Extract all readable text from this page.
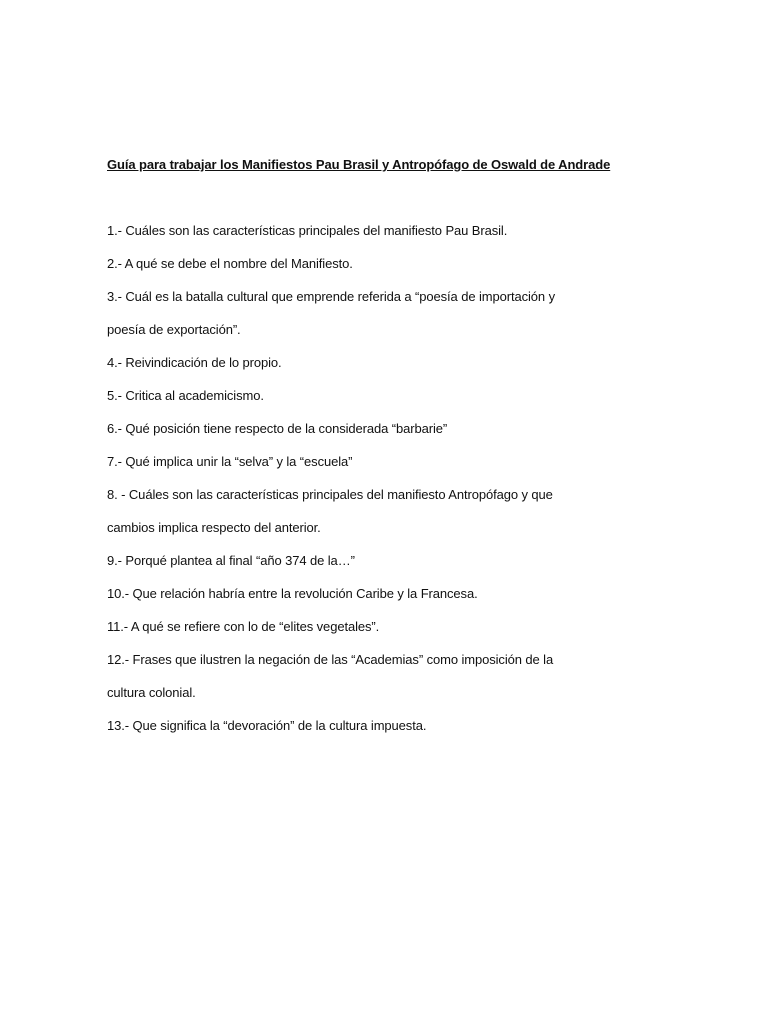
Guía para trabajar los Manifiestos Pau Brasil y Antropófago de Oswald de Andrade
1.- Cuáles son las características principales del manifiesto Pau Brasil.
2.- A qué se debe el nombre del Manifiesto.
3.- Cuál es la batalla cultural que emprende referida a “poesía de importación y
poesía de exportación”.
4.- Reivindicación de lo propio.
5.- Critica al academicismo.
6.- Qué posición tiene respecto de la considerada “barbarie”
7.- Qué implica unir la “selva” y la “escuela”
8. - Cuáles son las características principales del manifiesto Antropófago y que
cambios implica respecto del anterior.
9.- Porqué plantea al final “año 374 de la…”
10.- Que relación habría entre la revolución Caribe y la Francesa.
11.- A qué se refiere con lo de “elites vegetales”.
12.- Frases que ilustren la negación de las “Academias” como imposición de la
cultura colonial.
13.- Que significa la “devoración” de la cultura impuesta.
